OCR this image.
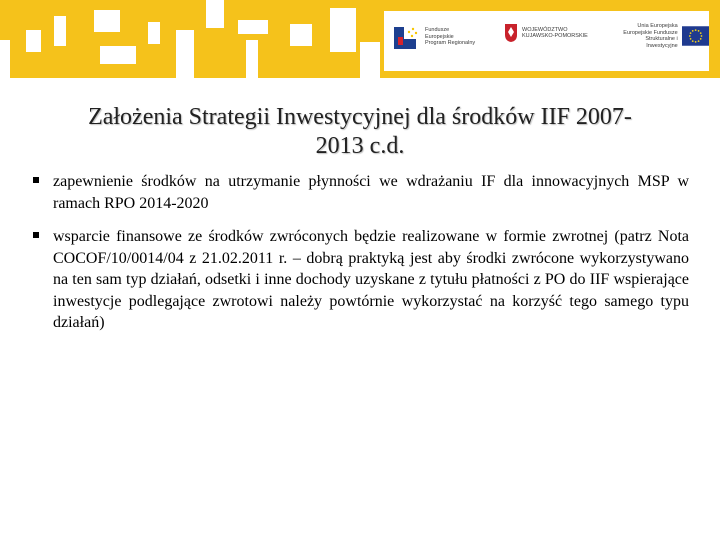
Fundusze
Europejskie
Program Regionalny
WOJEWÓDZTWO
KUJAWSKO-POMORSKIE
Unia Europejska
Europejskie Fundusze
Strukturalne i Inwestycyjne
Założenia Strategii Inwestycyjnej dla środków IIF 2007-
2013 c.d.
zapewnienie środków na utrzymanie płynności we wdrażaniu IF dla innowacyjnych MSP w ramach RPO 2014-2020
wsparcie finansowe ze środków zwróconych będzie realizowane w formie zwrotnej (patrz Nota COCOF/10/0014/04 z 21.02.2011 r. – dobrą praktyką jest aby środki zwrócone wykorzystywano na ten sam typ działań, odsetki i inne dochody uzyskane z tytułu płatności z PO do IIF wspierające inwestycje podlegające zwrotowi należy powtórnie wykorzystać na korzyść tego samego typu działań)
